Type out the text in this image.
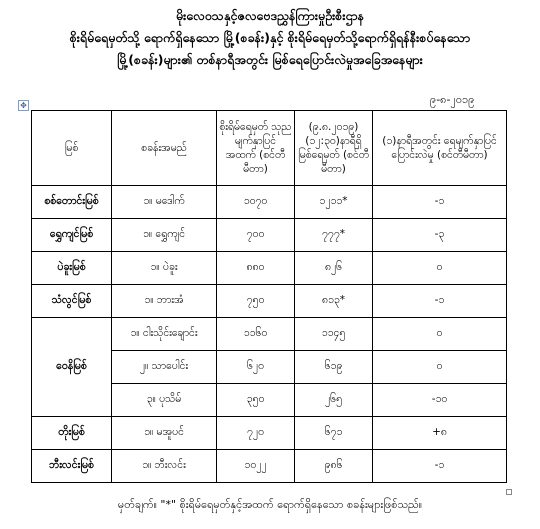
မိုးလေဝသနှင့်ဇလဗေဒညွှန်ကြားမှုဦးစီးဌာန
စိုးရိမ်ရေမှတ်သို့ ရောက်ရှိနေသော မြို့(စခန်း)နှင့် စိုးရိမ်ရေမှတ်သို့ရောက်ရှိရန်နီးစပ်နေသော
မြို့(စခန်း)များ၏ တစ်နာရီအတွင်း မြစ်ရေပြောင်းလဲမှုအခြေအနေများ
၉-၈-၂၀၁၉
✥
မြစ်	စခန်းအမည်	စိုးရိမ်ရေမှတ် သုညမျက်နှာပြင် အထက် (စင်တီမီတာ)	(၉.၈.၂၀၁၉) (၁၂:၃၀)နာရီရှိ မြစ်ရေမှတ် (စင်တီမီတာ)	(၁)နာရီအတွင်း ရေမျက်နှာပြင်ပြောင်းလဲမှု (စင်တီမီတာ)

စစ်တောင်းမြစ်	၁။ မဒေါက်	၁၀၇၀	၁၂၁၁*	-၁
ရွှေကျင်မြစ်	၁။ ရွှေကျင်	၇၀၀	၇၇၇*	-၃
ပဲခူးမြစ်	၁။ ပဲခူး	၈၈၀	၈၂၆	၀
သံလွင်မြစ်	၁။ ဘားအံ	၇၅၀	၈၁၃*	-၁
ဝေနိမြစ်	၁။ ငါးသိုင်းချောင်း	၁၁၆၀	၁၁၄၅	၀
	၂။ သာပေါင်း	၆၂၀	၆၁၉	၀
	၃။ ပုသိမ်	၃၅၀	၂၆၅	-၁၀
တိုးမြစ်	၁။ မအူပင်	၇၂၀	၆၇၁	+၈
ဘီးလင်းမြစ်	၁။ ဘီးလင်း	၁၀၂၂	၉၈၆	-၁
မှတ်ချက်။ "*" စိုးရိမ်ရေမှတ်နှင့်အထက် ရောက်ရှိနေသော စခန်းများဖြစ်သည်။
